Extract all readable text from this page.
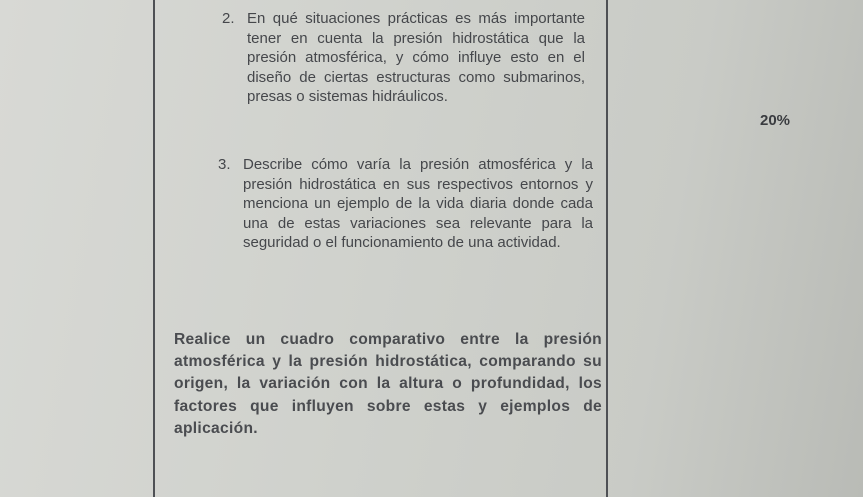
2. En qué situaciones prácticas es más importante tener en cuenta la presión hidrostática que la presión atmosférica, y cómo influye esto en el diseño de ciertas estructuras como submarinos, presas o sistemas hidráulicos.
20%
3. Describe cómo varía la presión atmosférica y la presión hidrostática en sus respectivos entornos y menciona un ejemplo de la vida diaria donde cada una de estas variaciones sea relevante para la seguridad o el funcionamiento de una actividad.
Realice un cuadro comparativo entre la presión atmosférica y la presión hidrostática, comparando su origen, la variación con la altura o profundidad, los factores que influyen sobre estas y ejemplos de aplicación.
